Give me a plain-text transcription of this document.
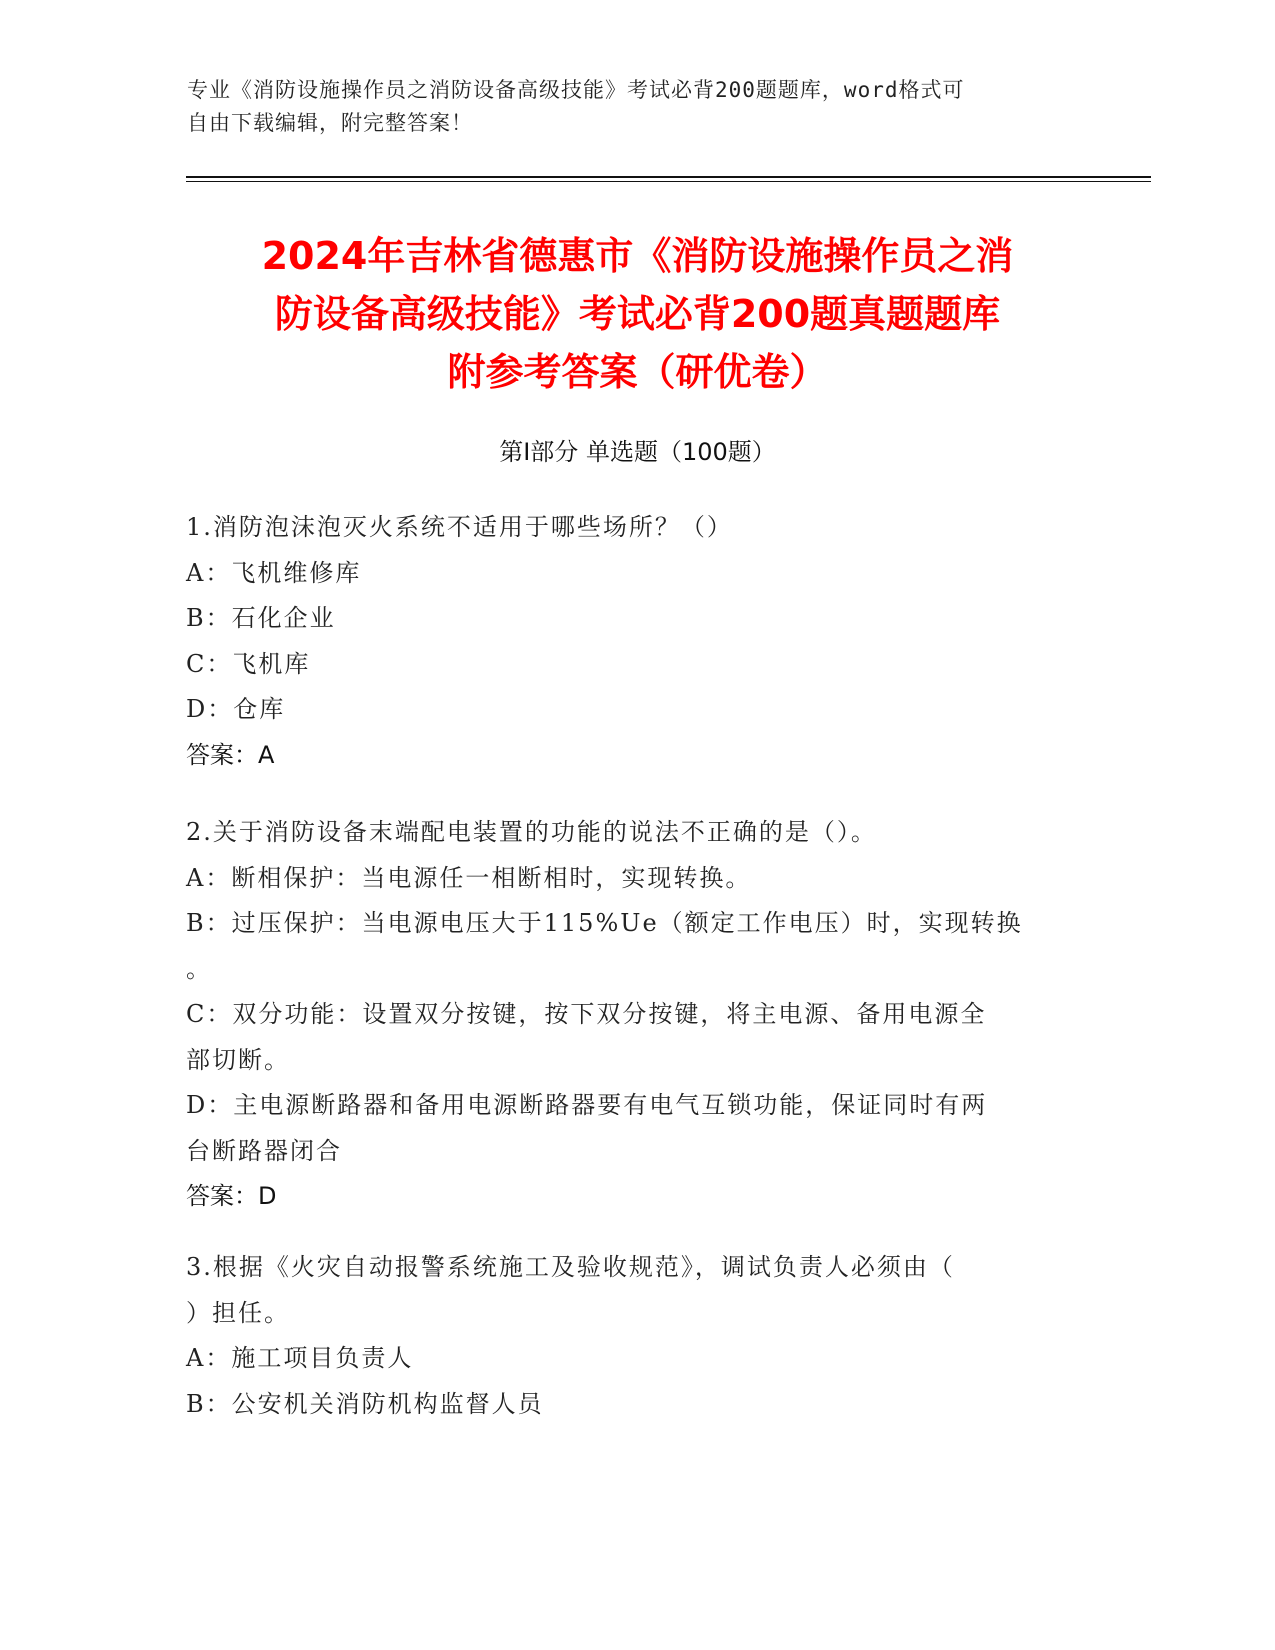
专业《消防设施操作员之消防设备高级技能》考试必背200题题库，word格式可
自由下载编辑，附完整答案！
2024年吉林省德惠市《消防设施操作员之消
防设备高级技能》考试必背200题真题题库
附参考答案（研优卷）
第Ⅰ部分 单选题（100题）
1.消防泡沫泡灭火系统不适用于哪些场所？（）
A：飞机维修库
B：石化企业
C：飞机库
D：仓库
答案：A
2.关于消防设备末端配电装置的功能的说法不正确的是（）。
A：断相保护：当电源任一相断相时，实现转换。
B：过压保护：当电源电压大于115%Ue（额定工作电压）时，实现转换
。
C：双分功能：设置双分按键，按下双分按键，将主电源、备用电源全
部切断。
D：主电源断路器和备用电源断路器要有电气互锁功能，保证同时有两
台断路器闭合
答案：D
3.根据《火灾自动报警系统施工及验收规范》，调试负责人必须由（
）担任。
A：施工项目负责人
B：公安机关消防机构监督人员
